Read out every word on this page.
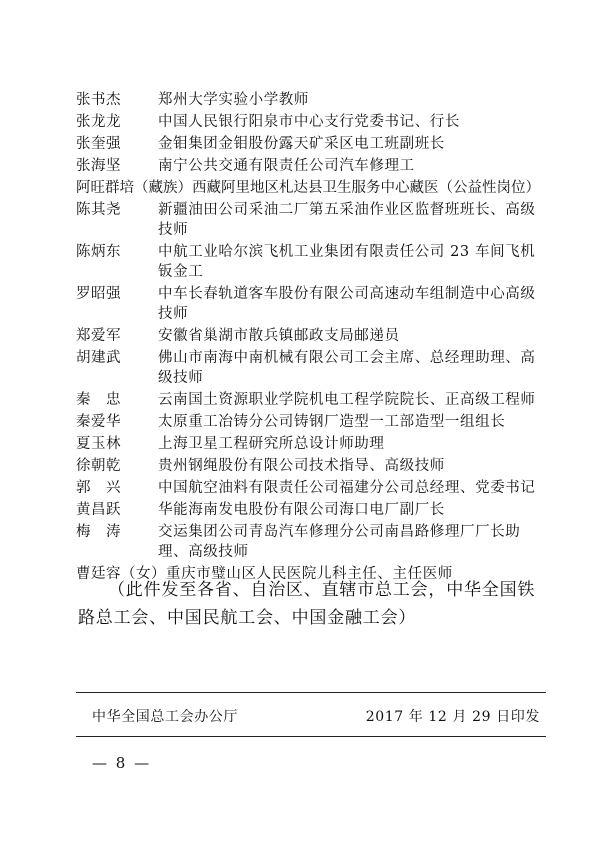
张书杰	郑州大学实验小学教师
张龙龙	中国人民银行阳泉市中心支行党委书记、行长
张奎强	金钼集团金钼股份露天矿采区电工班副班长
张海坚	南宁公共交通有限责任公司汽车修理工
阿旺群培（藏族） 西藏阿里地区札达县卫生服务中心藏医（公益性岗位）
陈其尧	新疆油田公司采油二厂第五采油作业区监督班班长、高级技师
陈炳东	中航工业哈尔滨飞机工业集团有限责任公司 23 车间飞机钣金工
罗昭强	中车长春轨道客车股份有限公司高速动车组制造中心高级技师
郑爱军	安徽省巢湖市散兵镇邮政支局邮递员
胡建武	佛山市南海中南机械有限公司工会主席、总经理助理、高级技师
秦　忠	云南国土资源职业学院机电工程学院院长、正高级工程师
秦爱华	太原重工冶铸分公司铸钢厂造型一工部造型一组组长
夏玉林	上海卫星工程研究所总设计师助理
徐朝乾	贵州钢绳股份有限公司技术指导、高级技师
郭　兴	中国航空油料有限责任公司福建分公司总经理、党委书记
黄昌跃	华能海南发电股份有限公司海口电厂副厂长
梅　涛	交运集团公司青岛汽车修理分公司南昌路修理厂厂长助理、高级技师
曹廷容（女） 重庆市璧山区人民医院儿科主任、主任医师
（此件发至各省、自治区、直辖市总工会，中华全国铁路总工会、中国民航工会、中国金融工会）
中华全国总工会办公厅	2017 年 12 月 29 日印发
— 8 —
